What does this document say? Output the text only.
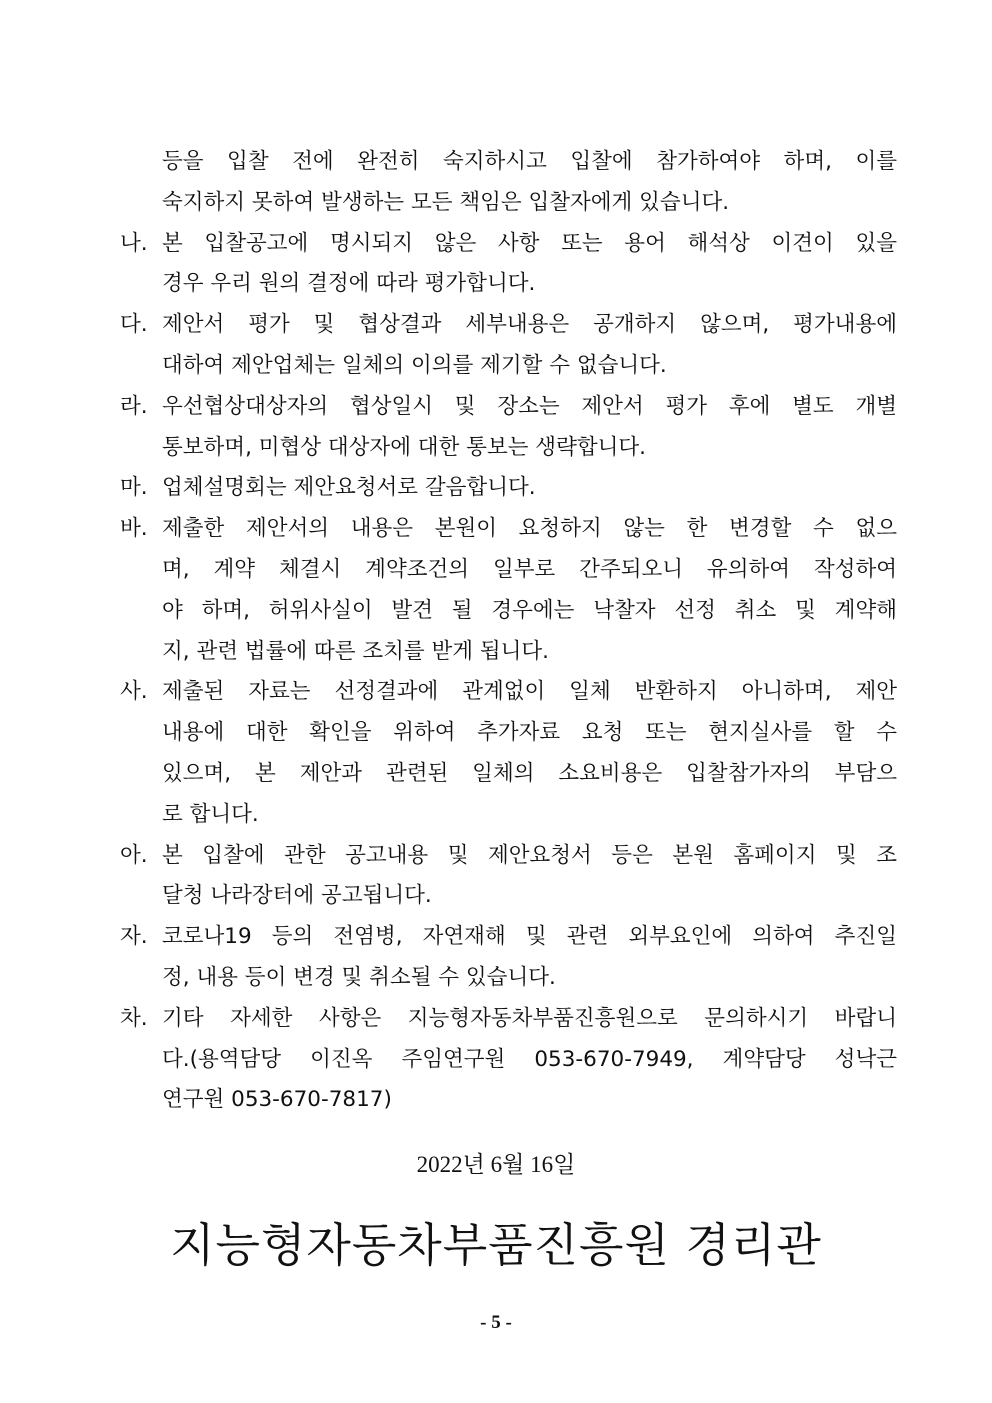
등을 입찰 전에 완전히 숙지하시고 입찰에 참가하여야 하며, 이를
숙지하지 못하여 발생하는 모든 책임은 입찰자에게 있습니다.
나. 본 입찰공고에 명시되지 않은 사항 또는 용어 해석상 이견이 있을
경우 우리 원의 결정에 따라 평가합니다.
다. 제안서 평가 및 협상결과 세부내용은 공개하지 않으며, 평가내용에
대하여 제안업체는 일체의 이의를 제기할 수 없습니다.
라. 우선협상대상자의 협상일시 및 장소는 제안서 평가 후에 별도 개별
통보하며, 미협상 대상자에 대한 통보는 생략합니다.
마. 업체설명회는 제안요청서로 갈음합니다.
바. 제출한 제안서의 내용은 본원이 요청하지 않는 한 변경할 수 없으
며, 계약 체결시 계약조건의 일부로 간주되오니 유의하여 작성하여
야 하며, 허위사실이 발견 될 경우에는 낙찰자 선정 취소 및 계약해
지, 관련 법률에 따른 조치를 받게 됩니다.
사. 제출된 자료는 선정결과에 관계없이 일체 반환하지 아니하며, 제안
내용에 대한 확인을 위하여 추가자료 요청 또는 현지실사를 할 수
있으며, 본 제안과 관련된 일체의 소요비용은 입찰참가자의 부담으
로 합니다.
아. 본 입찰에 관한 공고내용 및 제안요청서 등은 본원 홈페이지 및 조
달청 나라장터에 공고됩니다.
자. 코로나19 등의 전염병, 자연재해 및 관련 외부요인에 의하여 추진일
정, 내용 등이 변경 및 취소될 수 있습니다.
차. 기타 자세한 사항은 지능형자동차부품진흥원으로 문의하시기 바랍니
다.(용역담당 이진옥 주임연구원 053-670-7949, 계약담당 성낙근
연구원 053-670-7817)
2022년 6월 16일
지능형자동차부품진흥원 경리관
- 5 -
